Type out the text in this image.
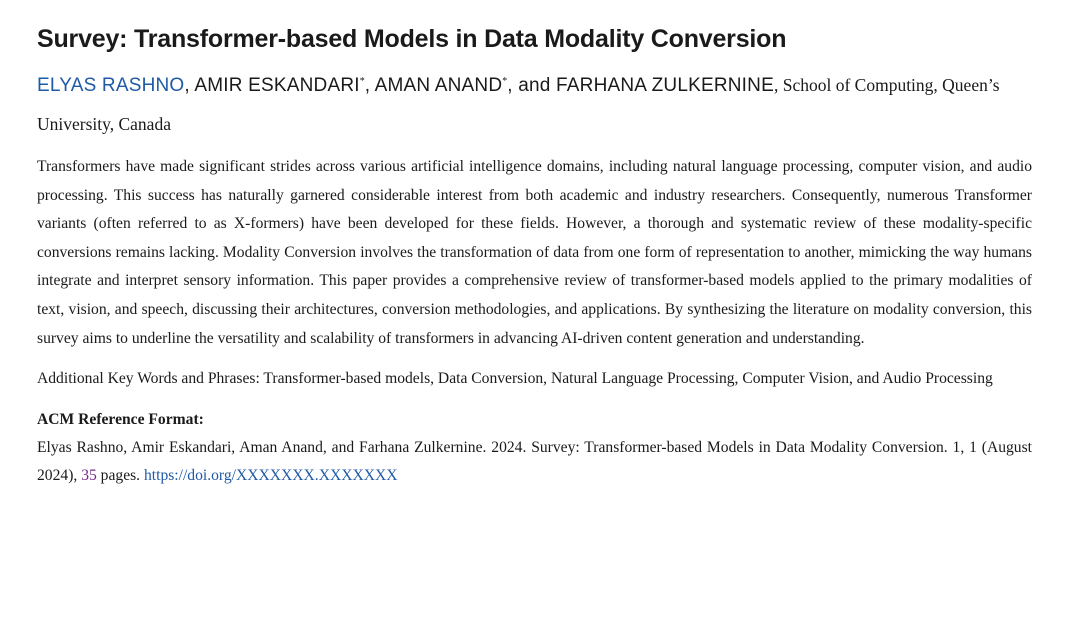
Survey: Transformer-based Models in Data Modality Conversion
ELYAS RASHNO, AMIR ESKANDARI*, AMAN ANAND*, and FARHANA ZULKERNINE, School of Computing, Queen’s University, Canada

Transformers have made significant strides across various artificial intelligence domains, including natural language processing, computer vision, and audio processing. This success has naturally garnered considerable interest from both academic and industry researchers. Consequently, numerous Transformer variants (often referred to as X-formers) have been developed for these fields. However, a thorough and systematic review of these modality-specific conversions remains lacking. Modality Conversion involves the transformation of data from one form of representation to another, mimicking the way humans integrate and interpret sensory information. This paper provides a comprehensive review of transformer-based models applied to the primary modalities of text, vision, and speech, discussing their architectures, conversion methodologies, and applications. By synthesizing the literature on modality conversion, this survey aims to underline the versatility and scalability of transformers in advancing AI-driven content generation and understanding.

Additional Key Words and Phrases: Transformer-based models, Data Conversion, Natural Language Processing, Computer Vision, and Audio Processing

ACM Reference Format:

Elyas Rashno, Amir Eskandari, Aman Anand, and Farhana Zulkernine. 2024. Survey: Transformer-based Models in Data Modality Conversion. 1, 1 (August 2024), 35 pages. https://doi.org/XXXXXXX.XXXXXXX
